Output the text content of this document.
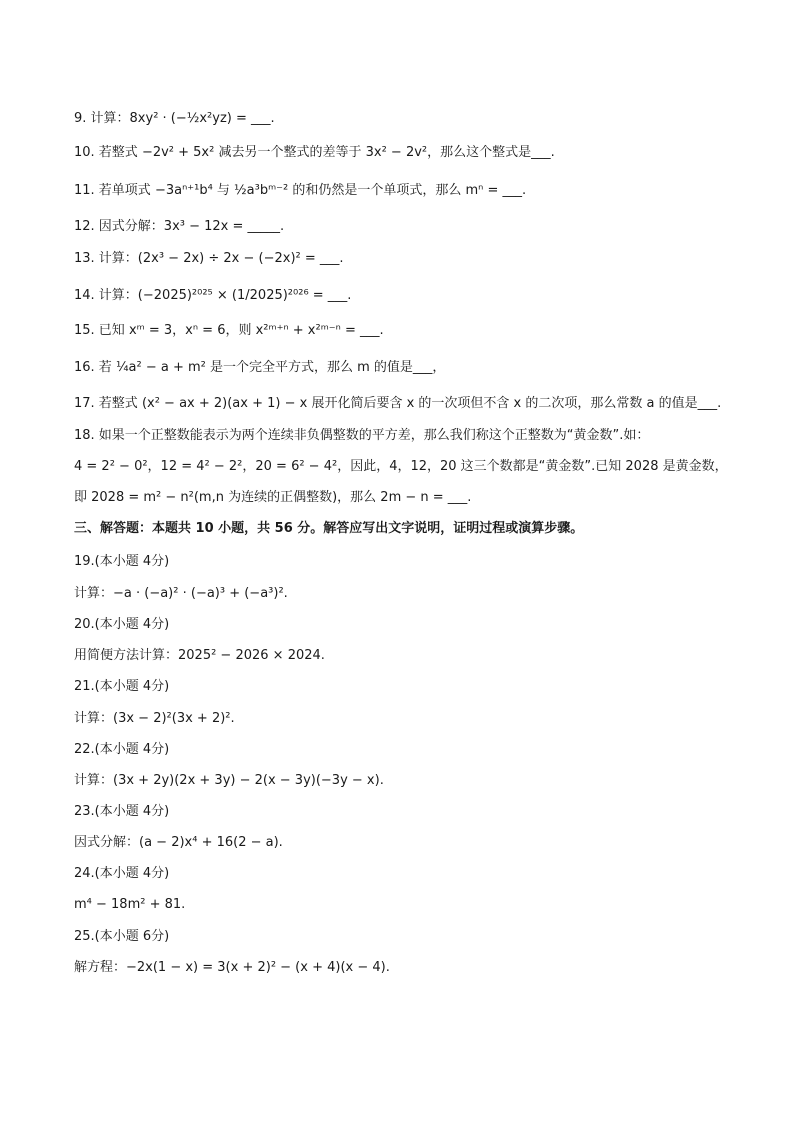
9. 计算：8xy² · (−½x²yz) = ___.
10. 若整式 −2v² + 5x² 减去另一个整式的差等于 3x² − 2v²，那么这个整式是___.
11. 若单项式 −3aⁿ⁺¹b⁴ 与 ½a³bᵐ⁻² 的和仍然是一个单项式，那么 mⁿ = ___.
12. 因式分解：3x³ − 12x = _____.
13. 计算：(2x³ − 2x) ÷ 2x − (−2x)² = ___.
14. 计算：(−2025)²⁰²⁵ × (1/2025)²⁰²⁶ = ___.
15. 已知 xᵐ = 3，xⁿ = 6，则 x²ᵐ⁺ⁿ + x²ᵐ⁻ⁿ = ___.
16. 若 ¼a² − a + m² 是一个完全平方式，那么 m 的值是___，
17. 若整式 (x² − ax + 2)(ax + 1) − x 展开化简后要含 x 的一次项但不含 x 的二次项，那么常数 a 的值是___.
18. 如果一个正整数能表示为两个连续非负偶整数的平方差，那么我们称这个正整数为“黄金数”.如：
4 = 2² − 0²，12 = 4² − 2²，20 = 6² − 4²，因此，4，12，20 这三个数都是“黄金数”.已知 2028 是黄金数，
即 2028 = m² − n²(m,n 为连续的正偶整数)，那么 2m − n = ___.
三、解答题：本题共 10 小题，共 56 分。解答应写出文字说明，证明过程或演算步骤。
19.(本小题 4分)
计算：−a · (−a)² · (−a)³ + (−a³)².
20.(本小题 4分)
用简便方法计算：2025² − 2026 × 2024.
21.(本小题 4分)
计算：(3x − 2)²(3x + 2)².
22.(本小题 4分)
计算：(3x + 2y)(2x + 3y) − 2(x − 3y)(−3y − x).
23.(本小题 4分)
因式分解：(a − 2)x⁴ + 16(2 − a).
24.(本小题 4分)
m⁴ − 18m² + 81.
25.(本小题 6分)
解方程：−2x(1 − x) = 3(x + 2)² − (x + 4)(x − 4).
